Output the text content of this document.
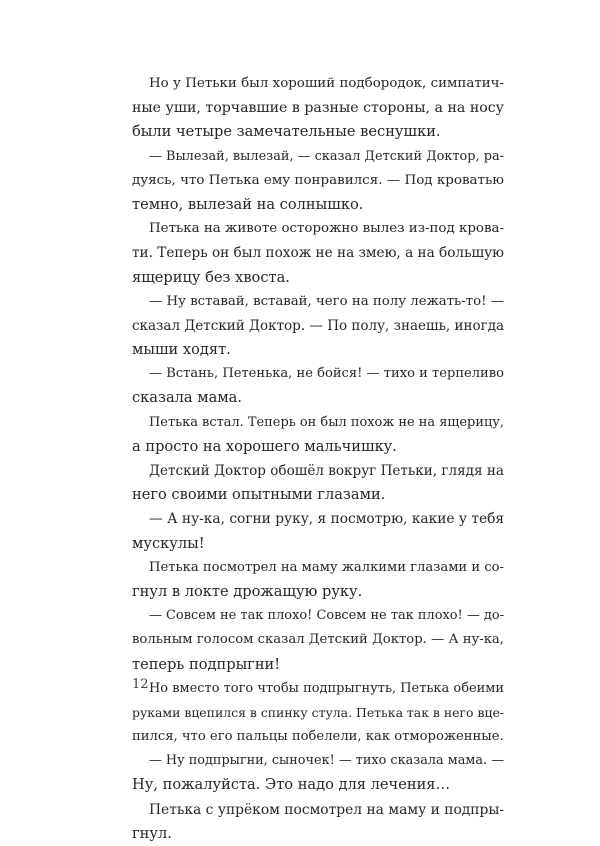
Но у Петьки был хороший подбородок, симпатич-
ные уши, торчавшие в разные стороны, а на носу
были четыре замечательные веснушки.
— Вылезай, вылезай, — сказал Детский Доктор, ра-
дуясь, что Петька ему понравился. — Под кроватью
темно, вылезай на солнышко.
Петька на животе осторожно вылез из-под крова-
ти. Теперь он был похож не на змею, а на большую
ящерицу без хвоста.
— Ну вставай, вставай, чего на полу лежать-то! —
сказал Детский Доктор. — По полу, знаешь, иногда
мыши ходят.
— Встань, Петенька, не бойся! — тихо и терпеливо
сказала мама.
Петька встал. Теперь он был похож не на ящерицу,
а просто на хорошего мальчишку.
Детский Доктор обошёл вокруг Петьки, глядя на
него своими опытными глазами.
— А ну-ка, согни руку, я посмотрю, какие у тебя
мускулы!
Петька посмотрел на маму жалкими глазами и со-
гнул в локте дрожащую руку.
— Совсем не так плохо! Совсем не так плохо! — до-
вольным голосом сказал Детский Доктор. — А ну-ка,
теперь подпрыгни!
Но вместо того чтобы подпрыгнуть, Петька обеими
руками вцепился в спинку стула. Петька так в него вце-
пился, что его пальцы побелели, как отмороженные.
— Ну подпрыгни, сыночек! — тихо сказала мама. —
Ну, пожалуйста. Это надо для лечения…
Петька с упрёком посмотрел на маму и подпры-
гнул.
12
